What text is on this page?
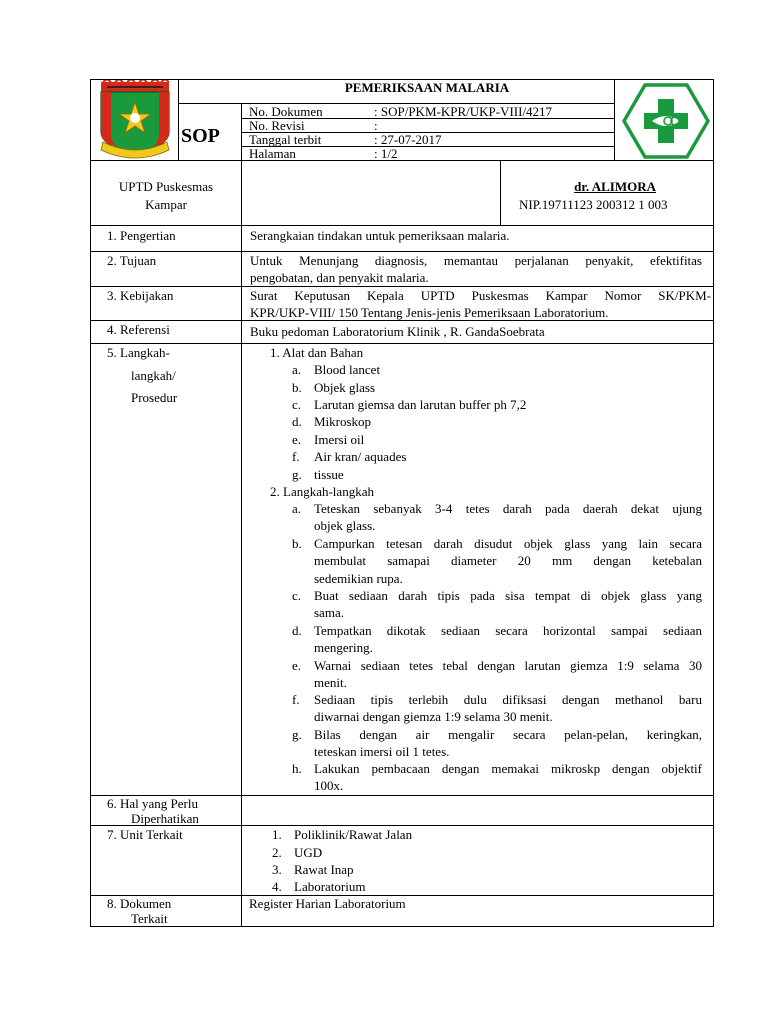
SOP
PEMERIKSAAN MALARIA
No. Dokumen	: SOP/PKM-KPR/UKP-VIII/4217
No. Revisi	:
Tanggal terbit	: 27-07-2017
Halaman	: 1/2
UPTD Puskesmas
Kampar
dr. ALIMORA
NIP.19711123 200312 1 003
1. Pengertian	Serangkaian tindakan untuk pemeriksaan malaria.
2. Tujuan	Untuk Menunjang diagnosis, memantau perjalanan penyakit, efektifitas
pengobatan, dan penyakit malaria.
3. Kebijakan	Surat Keputusan Kepala UPTD Puskesmas Kampar Nomor SK/PKM-
KPR/UKP-VIII/ 150 Tentang Jenis-jenis Pemeriksaan Laboratorium.
4. Referensi	Buku pedoman Laboratorium Klinik , R. GandaSoebrata
5. Langkah-
langkah/
Prosedur
1. Alat dan Bahan
a. Blood lancet
b. Objek glass
c. Larutan giemsa dan larutan buffer ph 7,2
d. Mikroskop
e. Imersi oil
f. Air kran/ aquades
g. tissue
2. Langkah-langkah
a. Teteskan sebanyak 3-4 tetes darah pada daerah dekat ujung
objek glass.
b. Campurkan tetesan darah disudut objek glass yang lain secara
membulat samapai diameter 20 mm dengan ketebalan
sedemikian rupa.
c. Buat sediaan darah tipis pada sisa tempat di objek glass yang
sama.
d. Tempatkan dikotak sediaan secara horizontal sampai sediaan
mengering.
e. Warnai sediaan tetes tebal dengan larutan giemza 1:9 selama 30
menit.
f. Sediaan tipis terlebih dulu difiksasi dengan methanol baru
diwarnai dengan giemza 1:9 selama 30 menit.
g. Bilas dengan air mengalir secara pelan-pelan, keringkan,
teteskan imersi oil 1 tetes.
h. Lakukan pembacaan dengan memakai mikroskp dengan objektif
100x.
6. Hal yang Perlu
Diperhatikan
7. Unit Terkait	1. Poliklinik/Rawat Jalan
2. UGD
3. Rawat Inap
4. Laboratorium
8. Dokumen
Terkait
Register Harian Laboratorium
